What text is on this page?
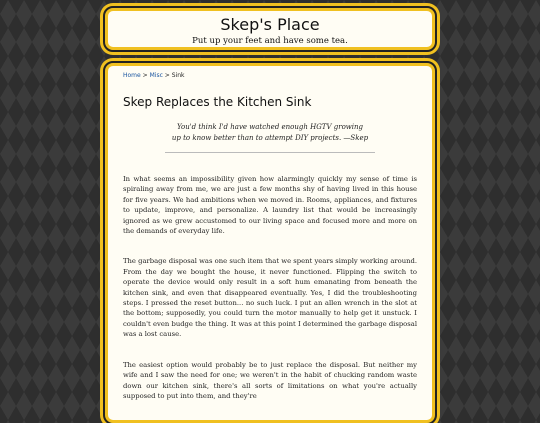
Skep's Place
Put up your feet and have some tea.
Home > Misc > Sink
Skep Replaces the Kitchen Sink
You'd think I'd have watched enough HGTV growing
up to know better than to attempt DIY projects. —Skep

In what seems an impossibility given how alarmingly quickly my sense of time is spiraling away from me, we are just a few months shy of having lived in this house for five years. We had ambitions when we moved in. Rooms, appliances, and fixtures to update, improve, and personalize. A laundry list that would be increasingly ignored as we grew accustomed to our living space and focused more and more on the demands of everyday life.

The garbage disposal was one such item that we spent years simply working around. From the day we bought the house, it never functioned. Flipping the switch to operate the device would only result in a soft hum emanating from beneath the kitchen sink, and even that disappeared eventually. Yes, I did the troubleshooting steps. I pressed the reset button... no such luck. I put an allen wrench in the slot at the bottom; supposedly, you could turn the motor manually to help get it unstuck. I couldn't even budge the thing. It was at this point I determined the garbage disposal was a lost cause.

The easiest option would probably be to just replace the disposal. But neither my wife and I saw the need for one; we weren't in the habit of chucking random waste down our kitchen sink, there's all sorts of limitations on what you're actually supposed to put into them, and they're
